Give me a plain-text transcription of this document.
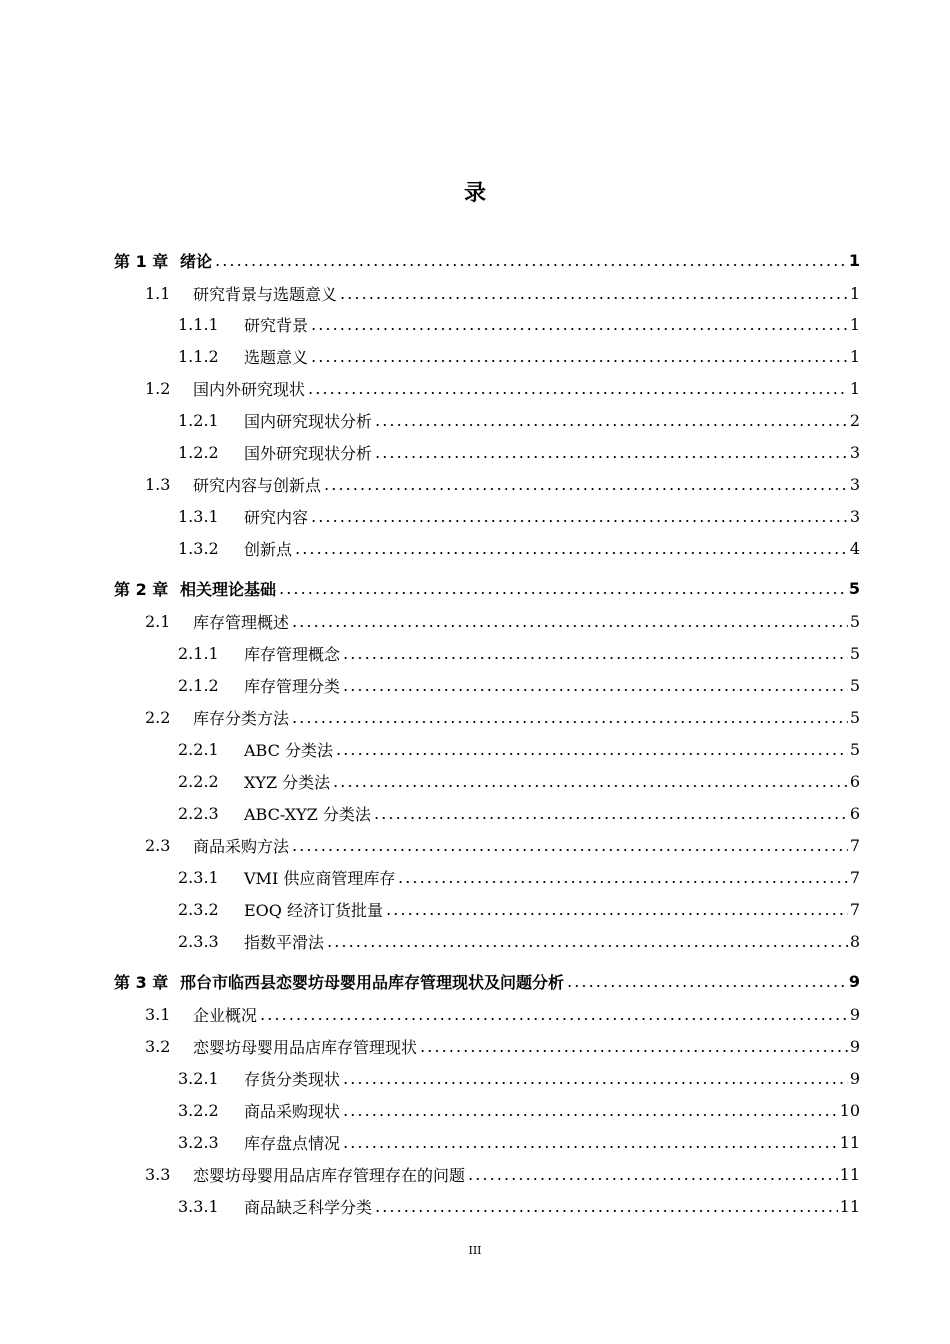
录
第 1 章 绪论	1
1.1	研究背景与选题意义	1
1.1.1	研究背景	1
1.1.2	选题意义	1
1.2	国内外研究现状	1
1.2.1	国内研究现状分析	2
1.2.2	国外研究现状分析	3
1.3	研究内容与创新点	3
1.3.1	研究内容	3
1.3.2	创新点	4
第 2 章 相关理论基础	5
2.1	库存管理概述	5
2.1.1	库存管理概念	5
2.1.2	库存管理分类	5
2.2	库存分类方法	5
2.2.1	ABC 分类法	5
2.2.2	XYZ 分类法	6
2.2.3	ABC-XYZ 分类法	6
2.3	商品采购方法	7
2.3.1	VMI 供应商管理库存	7
2.3.2	EOQ 经济订货批量	7
2.3.3	指数平滑法	8
第 3 章 邢台市临西县恋婴坊母婴用品库存管理现状及问题分析	9
3.1	企业概况	9
3.2	恋婴坊母婴用品店库存管理现状	9
3.2.1	存货分类现状	9
3.2.2	商品采购现状	10
3.2.3	库存盘点情况	11
3.3	恋婴坊母婴用品店库存管理存在的问题	11
3.3.1	商品缺乏科学分类	11
III
